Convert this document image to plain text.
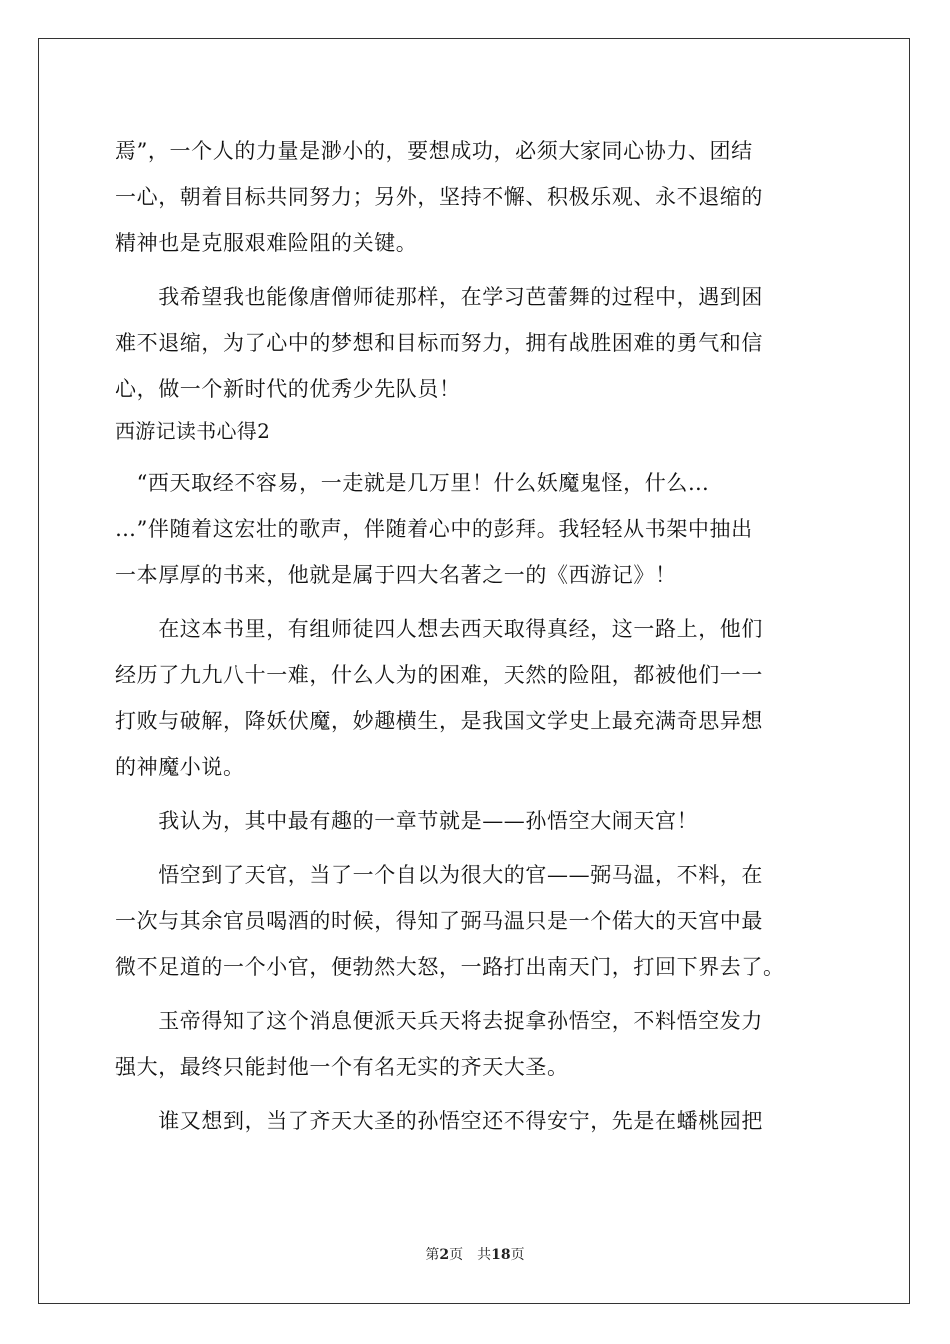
焉”，一个人的力量是渺小的，要想成功，必须大家同心协力、团结
一心，朝着目标共同努力；另外，坚持不懈、积极乐观、永不退缩的
精神也是克服艰难险阻的关键。
　　我希望我也能像唐僧师徒那样，在学习芭蕾舞的过程中，遇到困
难不退缩，为了心中的梦想和目标而努力，拥有战胜困难的勇气和信
心，做一个新时代的优秀少先队员！
西游记读书心得2
　“西天取经不容易，一走就是几万里！什么妖魔鬼怪，什么…
…”伴随着这宏壮的歌声，伴随着心中的彭拜。我轻轻从书架中抽出
一本厚厚的书来，他就是属于四大名著之一的《西游记》！
　　在这本书里，有组师徒四人想去西天取得真经，这一路上，他们
经历了九九八十一难，什么人为的困难，天然的险阻，都被他们一一
打败与破解，降妖伏魔，妙趣横生，是我国文学史上最充满奇思异想
的神魔小说。
　　我认为，其中最有趣的一章节就是——孙悟空大闹天宫！
　　悟空到了天官，当了一个自以为很大的官——弼马温，不料，在
一次与其余官员喝酒的时候，得知了弼马温只是一个偌大的天宫中最
微不足道的一个小官，便勃然大怒，一路打出南天门，打回下界去了。
　　玉帝得知了这个消息便派天兵天将去捉拿孙悟空，不料悟空发力
强大，最终只能封他一个有名无实的齐天大圣。
　　谁又想到，当了齐天大圣的孙悟空还不得安宁，先是在蟠桃园把
第2页　共18页
